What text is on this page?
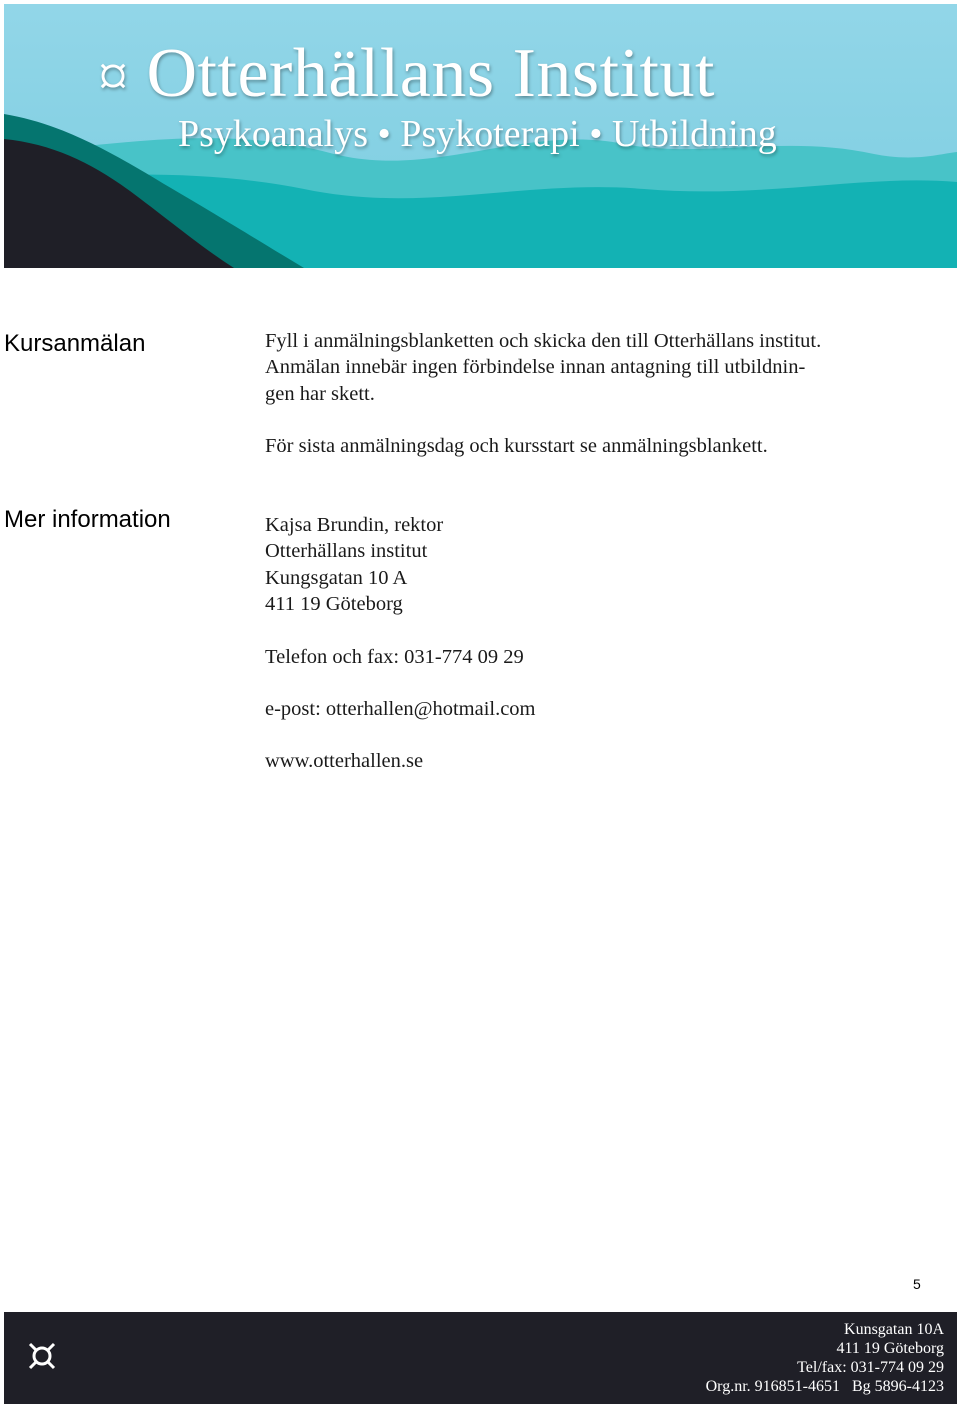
¤ Otterhällans Institut
Psykoanalys • Psykoterapi • Utbildning
Kursanmälan	Fyll i anmälningsblanketten och skicka den till Otterhällans institut.

Anmälan innebär ingen förbindelse innan antagning till utbildnin-

gen har skett.

För sista anmälningsdag och kursstart se anmälningsblankett.

Mer information	Kajsa Brundin, rektor

Otterhällans institut

Kungsgatan 10 A

411 19 Göteborg

Telefon och fax: 031-774 09 29

e-post: otterhallen@hotmail.com

www.otterhallen.se

5
Kunsgatan 10A
411 19 Göteborg
Tel/fax: 031-774 09 29
Org.nr. 916851-4651   Bg 5896-4123
